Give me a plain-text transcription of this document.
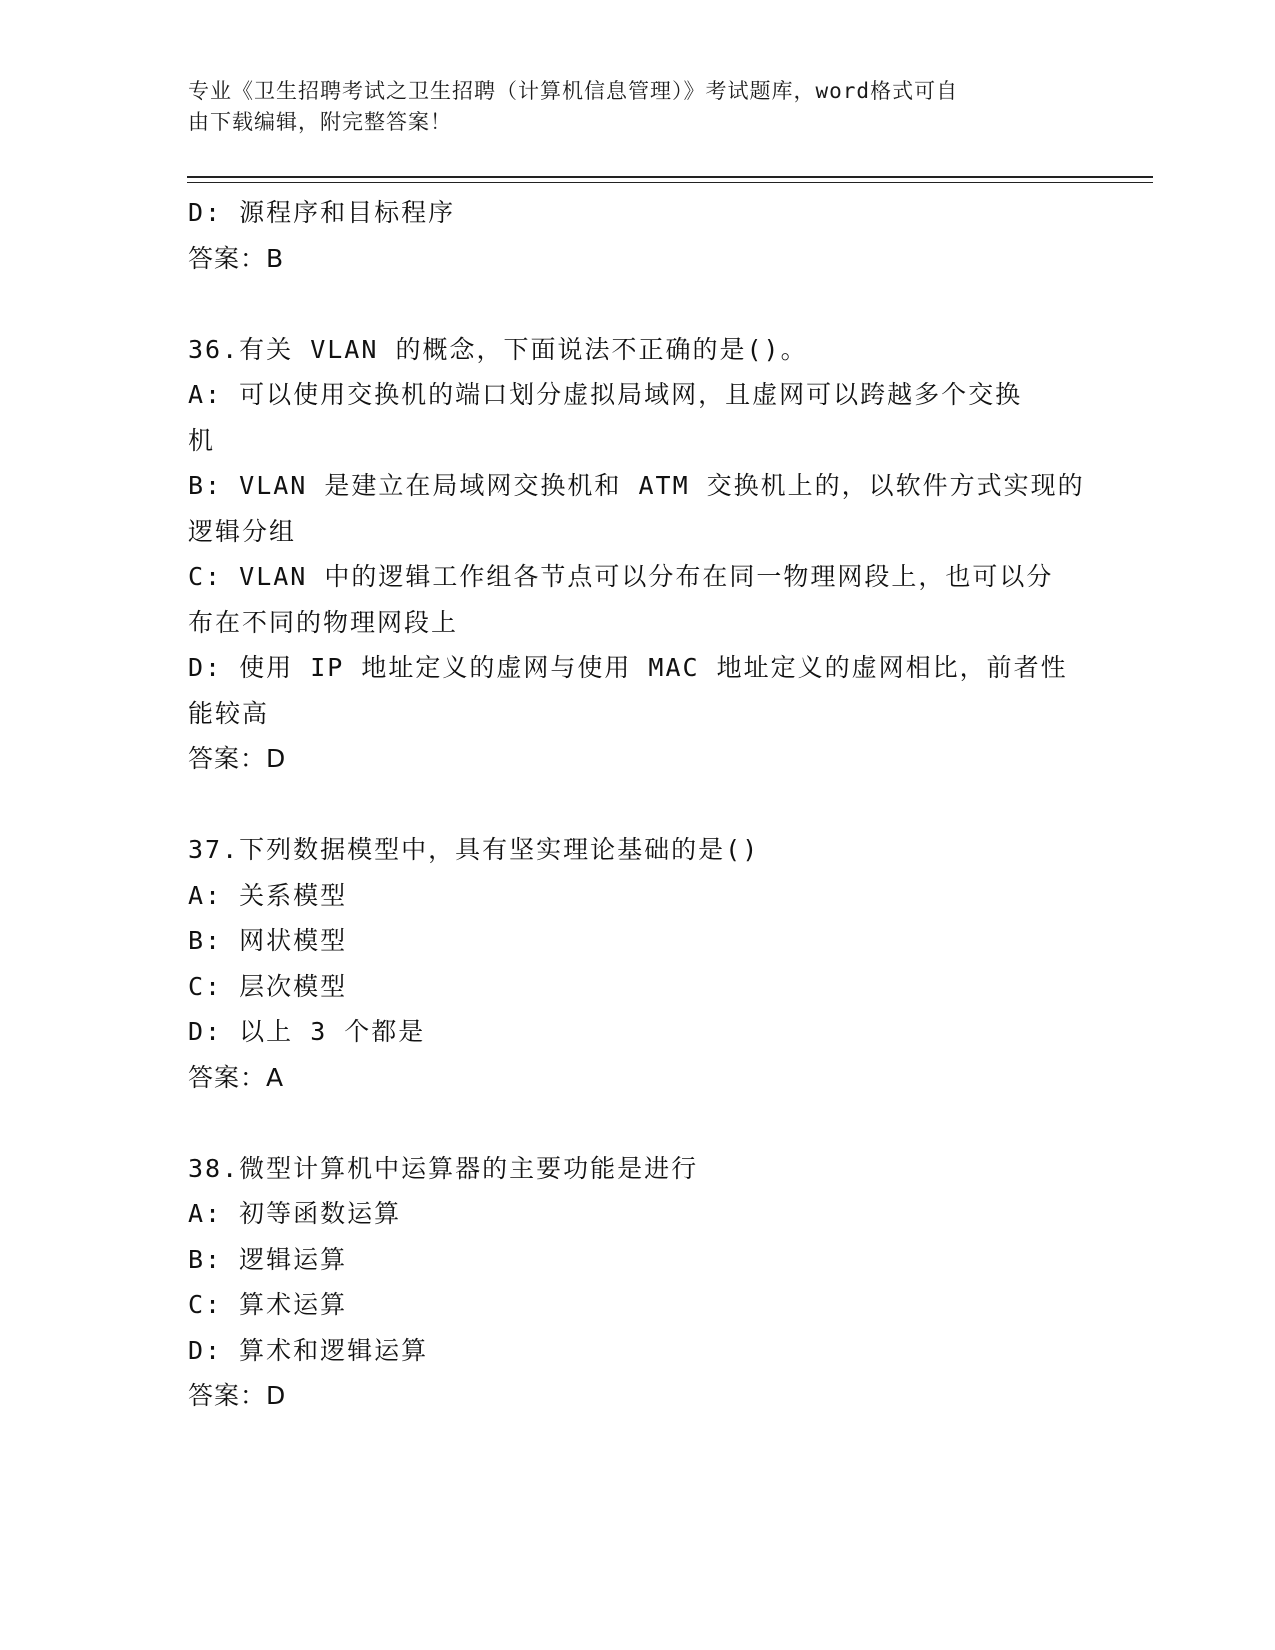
专业《卫生招聘考试之卫生招聘（计算机信息管理）》考试题库，word格式可自
由下载编辑，附完整答案！
D: 源程序和目标程序
答案：B
36.有关 VLAN 的概念，下面说法不正确的是()。
A: 可以使用交换机的端口划分虚拟局域网，且虚网可以跨越多个交换
机
B: VLAN 是建立在局域网交换机和 ATM 交换机上的，以软件方式实现的
逻辑分组
C: VLAN 中的逻辑工作组各节点可以分布在同一物理网段上，也可以分
布在不同的物理网段上
D: 使用 IP 地址定义的虚网与使用 MAC 地址定义的虚网相比，前者性
能较高
答案：D
37.下列数据模型中，具有坚实理论基础的是()
A: 关系模型
B: 网状模型
C: 层次模型
D: 以上 3 个都是
答案：A
38.微型计算机中运算器的主要功能是进行
A: 初等函数运算
B: 逻辑运算
C: 算术运算
D: 算术和逻辑运算
答案：D
